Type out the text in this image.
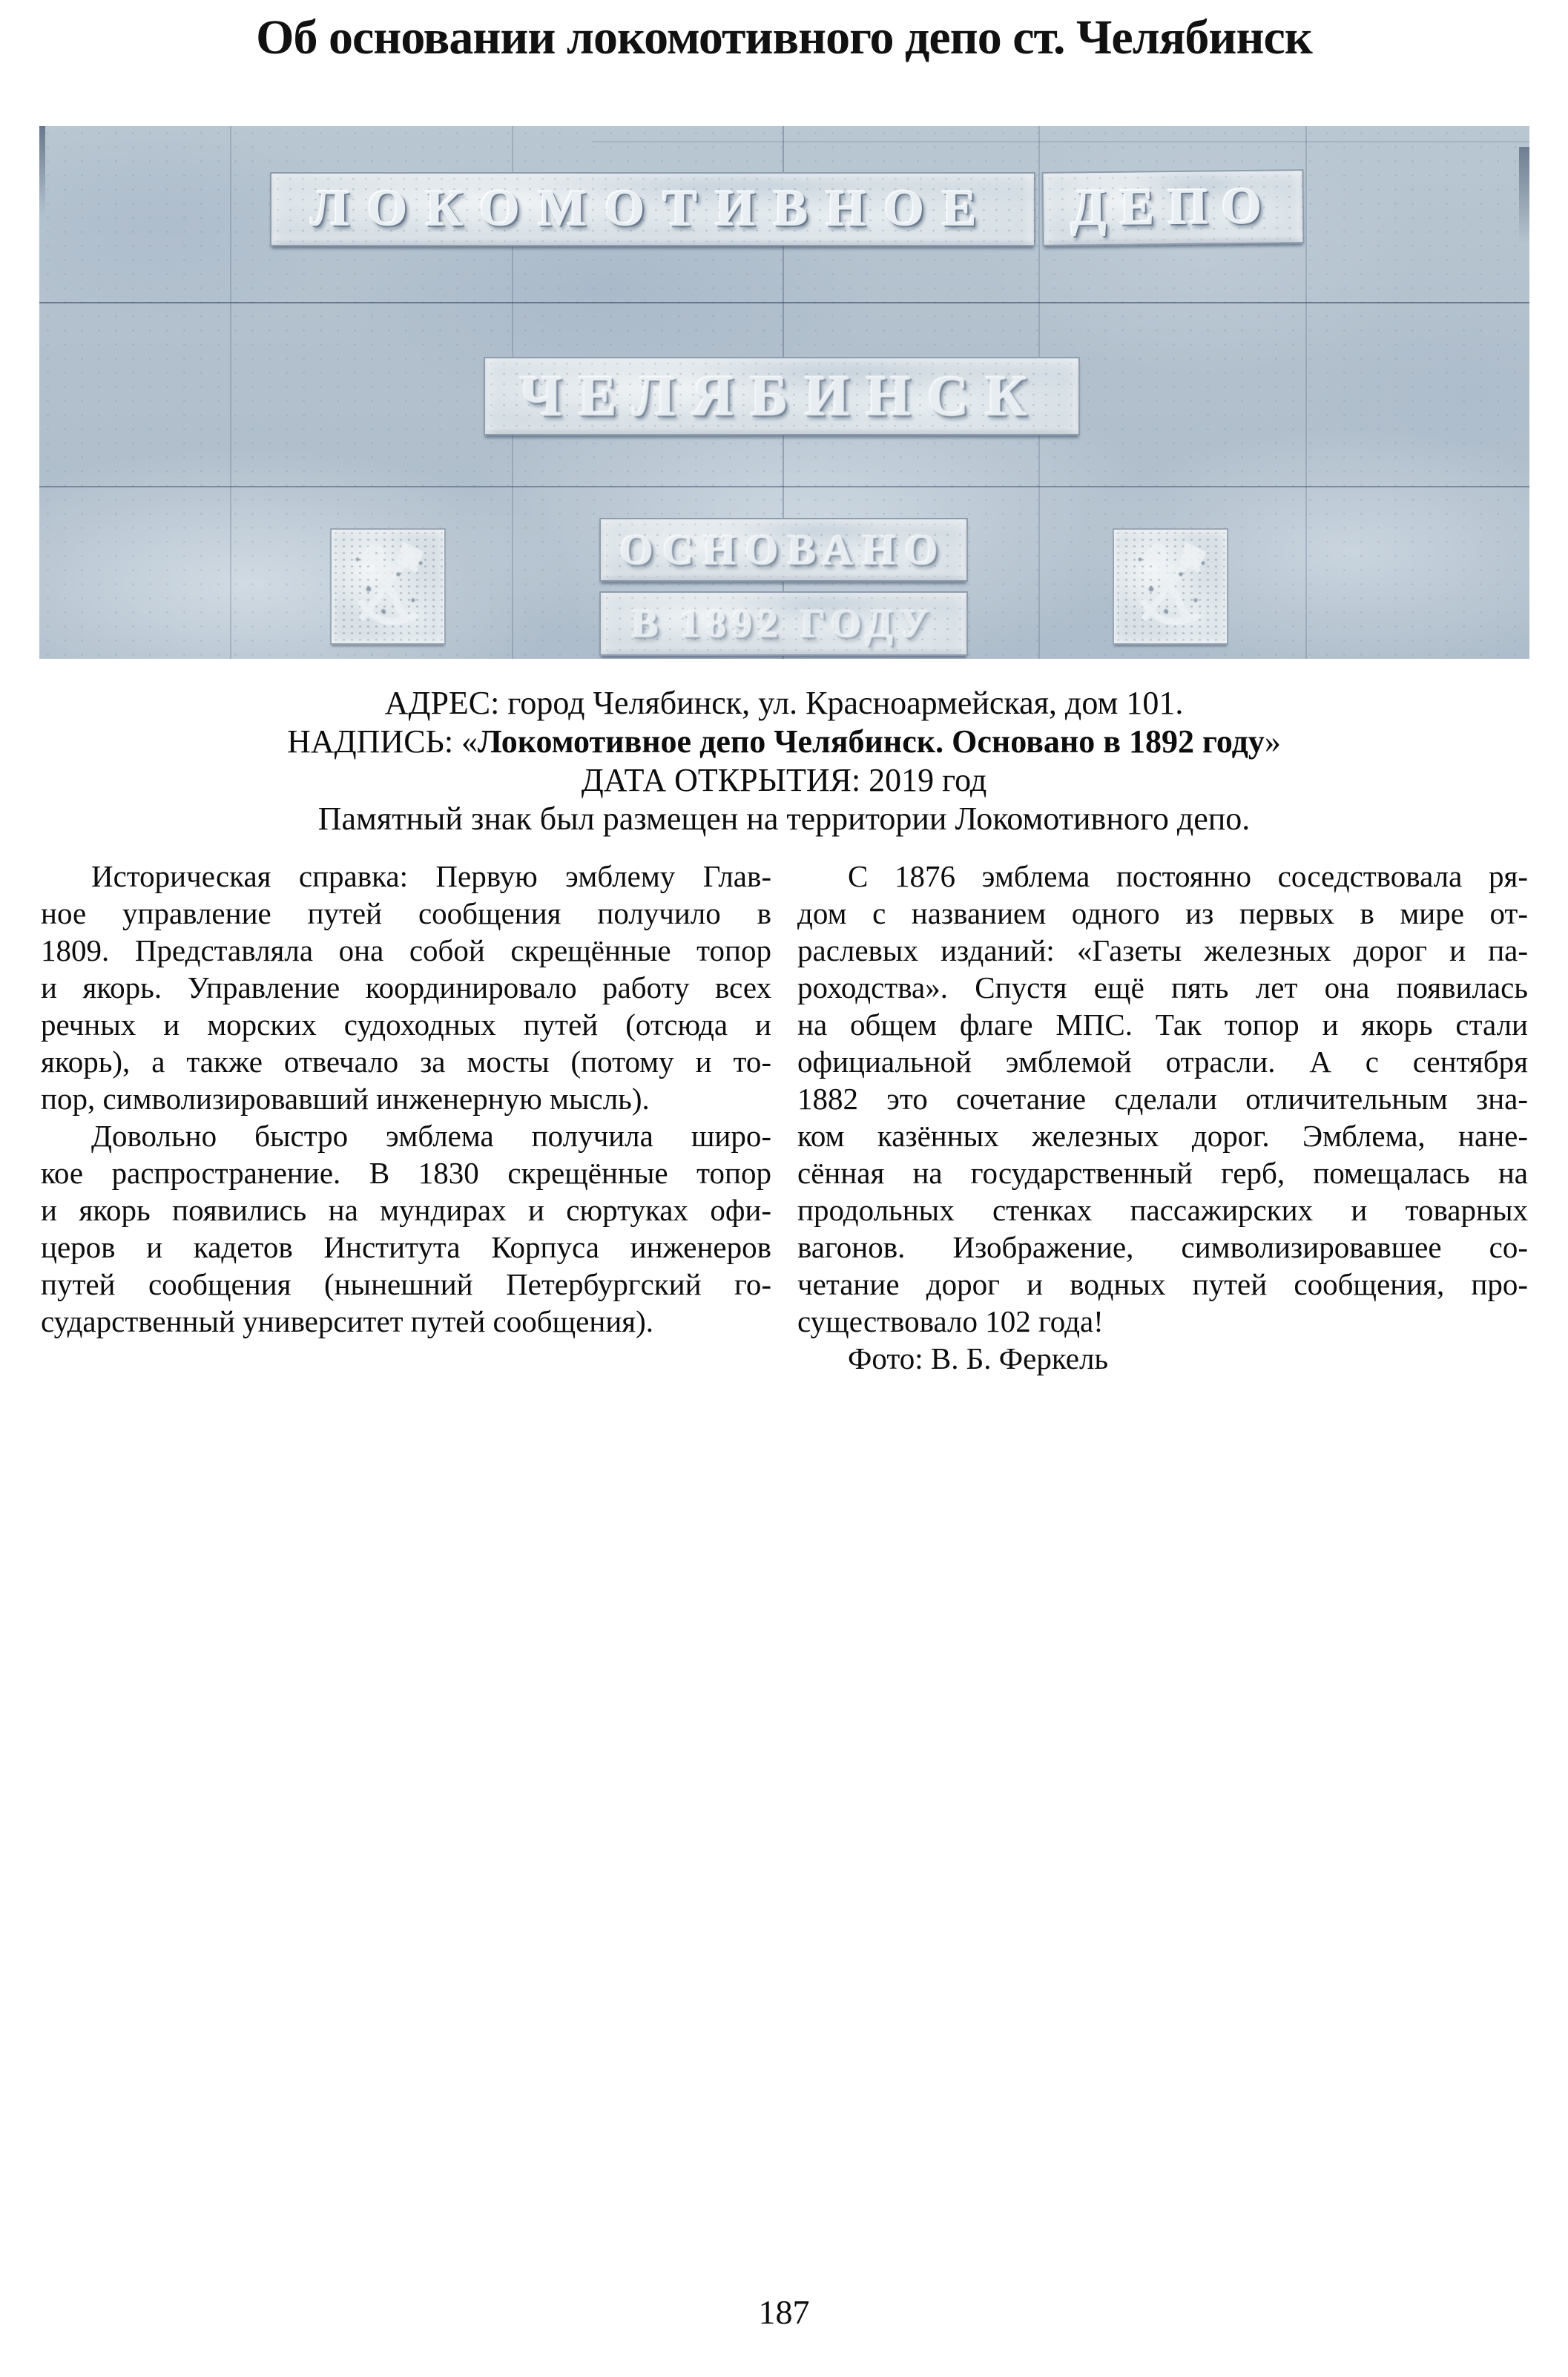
Об основании локомотивного депо ст. Челябинск
ЛОКОМОТИВНОЕ ДЕПО
ЧЕЛЯБИНСК
ОСНОВАНО
В 1892 ГОДУ
АДРЕС: город Челябинск, ул. Красноармейская, дом 101.
НАДПИСЬ: «Локомотивное депо Челябинск. Основано в 1892 году»
ДАТА ОТКРЫТИЯ: 2019 год
Памятный знак был размещен на территории Локомотивного депо.
Историческая справка: Первую эмблему Глав-
ное управление путей сообщения получило в
1809. Представляла она собой скрещённые топор
и якорь. Управление координировало работу всех
речных и морских судоходных путей (отсюда и
якорь), а также отвечало за мосты (потому и то-
пор, символизировавший инженерную мысль).
Довольно быстро эмблема получила широ-
кое распространение. В 1830 скрещённые топор
и якорь появились на мундирах и сюртуках офи-
церов и кадетов Института Корпуса инженеров
путей сообщения (нынешний Петербургский го-
сударственный университет путей сообщения).
С 1876 эмблема постоянно соседствовала ря-
дом с названием одного из первых в мире от-
раслевых изданий: «Газеты железных дорог и па-
роходства». Спустя ещё пять лет она появилась
на общем флаге МПС. Так топор и якорь стали
официальной эмблемой отрасли. А с сентября
1882 это сочетание сделали отличительным зна-
ком казённых железных дорог. Эмблема, нане-
сённая на государственный герб, помещалась на
продольных стенках пассажирских и товарных
вагонов. Изображение, символизировавшее со-
четание дорог и водных путей сообщения, про-
существовало 102 года!
Фото: В. Б. Феркель
187
